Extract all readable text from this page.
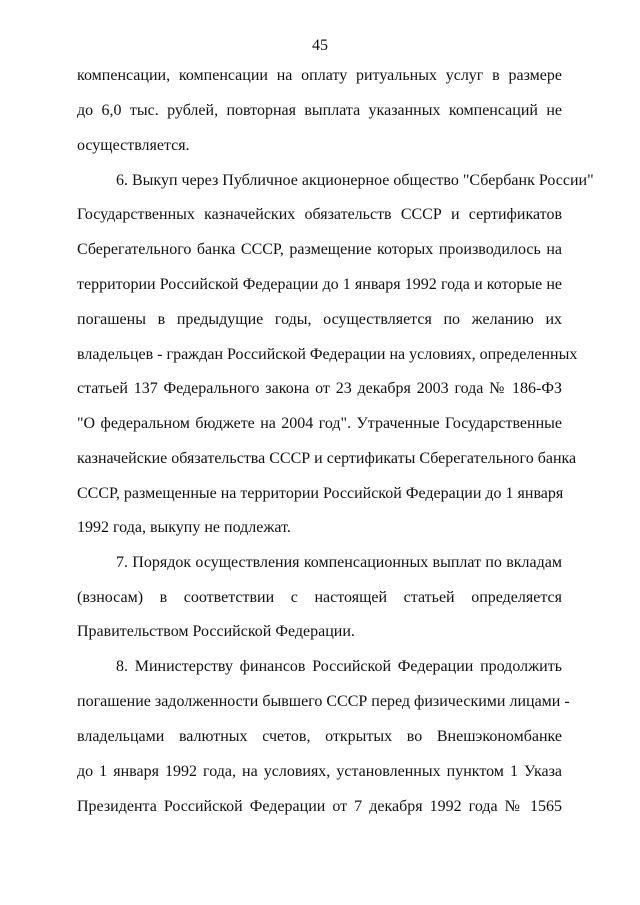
45
компенсации, компенсации на оплату ритуальных услуг в размере
до 6,0 тыс. рублей, повторная выплата указанных компенсаций не
осуществляется.
6. Выкуп через Публичное акционерное общество "Сбербанк России"
Государственных казначейских обязательств СССР и сертификатов
Сберегательного банка СССР, размещение которых производилось на
территории Российской Федерации до 1 января 1992 года и которые не
погашены в предыдущие годы, осуществляется по желанию их
владельцев - граждан Российской Федерации на условиях, определенных
статьей 137 Федерального закона от 23 декабря 2003 года № 186-ФЗ
"О федеральном бюджете на 2004 год". Утраченные Государственные
казначейские обязательства СССР и сертификаты Сберегательного банка
СССР, размещенные на территории Российской Федерации до 1 января
1992 года, выкупу не подлежат.
7. Порядок осуществления компенсационных выплат по вкладам
(взносам) в соответствии с настоящей статьей определяется
Правительством Российской Федерации.
8. Министерству финансов Российской Федерации продолжить
погашение задолженности бывшего СССР перед физическими лицами -
владельцами валютных счетов, открытых во Внешэкономбанке
до 1 января 1992 года, на условиях, установленных пунктом 1 Указа
Президента Российской Федерации от 7 декабря 1992 года № 1565
